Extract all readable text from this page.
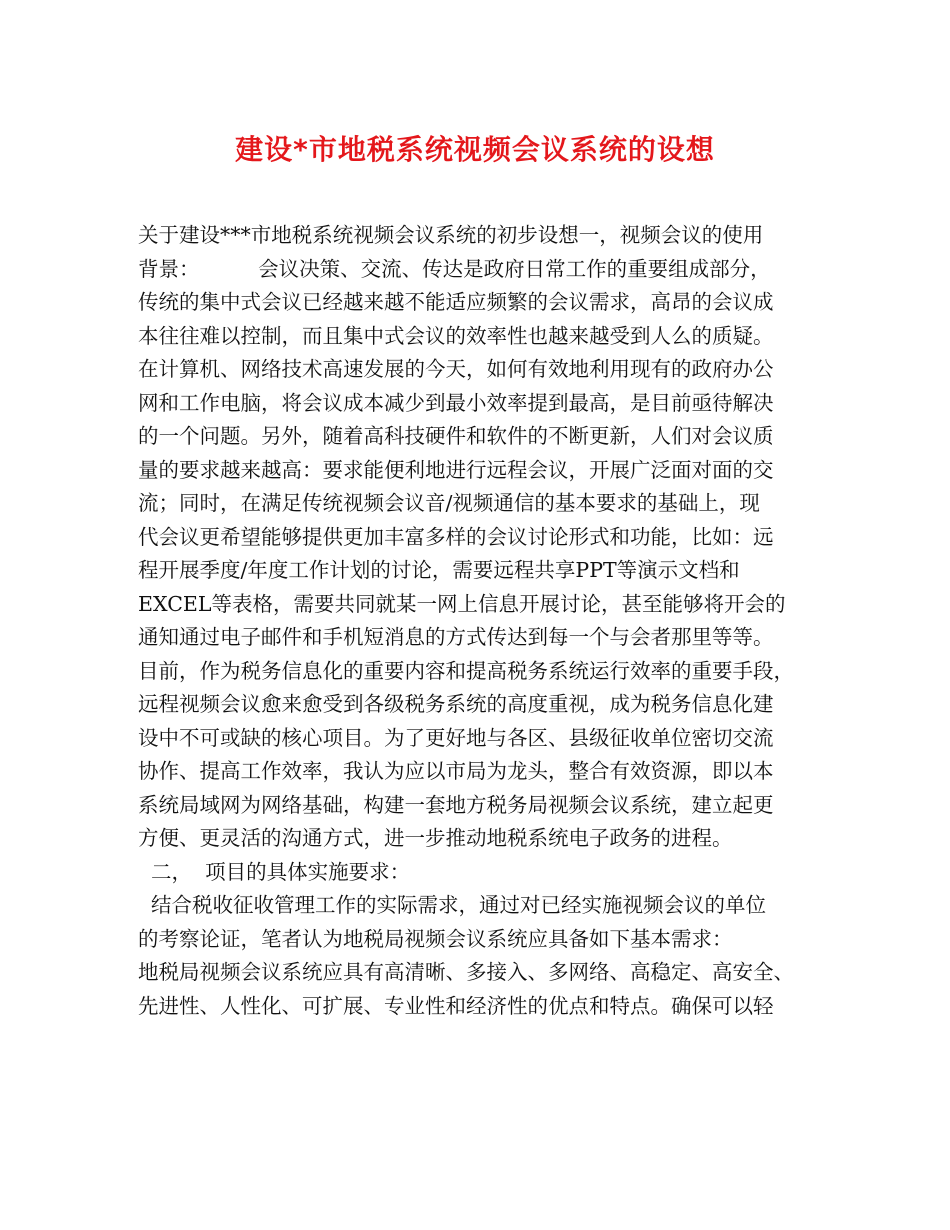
建设*市地税系统视频会议系统的设想
关于建设***市地税系统视频会议系统的初步设想一，视频会议的使用
背景：         会议决策、交流、传达是政府日常工作的重要组成部分，
传统的集中式会议已经越来越不能适应频繁的会议需求，高昂的会议成
本往往难以控制，而且集中式会议的效率性也越来越受到人么的质疑。
在计算机、网络技术高速发展的今天，如何有效地利用现有的政府办公
网和工作电脑，将会议成本减少到最小效率提到最高，是目前亟待解决
的一个问题。另外，随着高科技硬件和软件的不断更新，人们对会议质
量的要求越来越高：要求能便利地进行远程会议，开展广泛面对面的交
流；同时，在满足传统视频会议音/视频通信的基本要求的基础上，现
代会议更希望能够提供更加丰富多样的会议讨论形式和功能，比如：远
程开展季度/年度工作计划的讨论，需要远程共享PPT等演示文档和
EXCEL等表格，需要共同就某一网上信息开展讨论，甚至能够将开会的
通知通过电子邮件和手机短消息的方式传达到每一个与会者那里等等。
目前，作为税务信息化的重要内容和提高税务系统运行效率的重要手段，
远程视频会议愈来愈受到各级税务系统的高度重视，成为税务信息化建
设中不可或缺的核心项目。为了更好地与各区、县级征收单位密切交流
协作、提高工作效率，我认为应以市局为龙头，整合有效资源，即以本
系统局域网为网络基础，构建一套地方税务局视频会议系统，建立起更
方便、更灵活的沟通方式，进一步推动地税系统电子政务的进程。
二，  项目的具体实施要求：
结合税收征收管理工作的实际需求，通过对已经实施视频会议的单位
的考察论证，笔者认为地税局视频会议系统应具备如下基本需求：
地税局视频会议系统应具有高清晰、多接入、多网络、高稳定、高安全、
先进性、人性化、可扩展、专业性和经济性的优点和特点。确保可以轻
